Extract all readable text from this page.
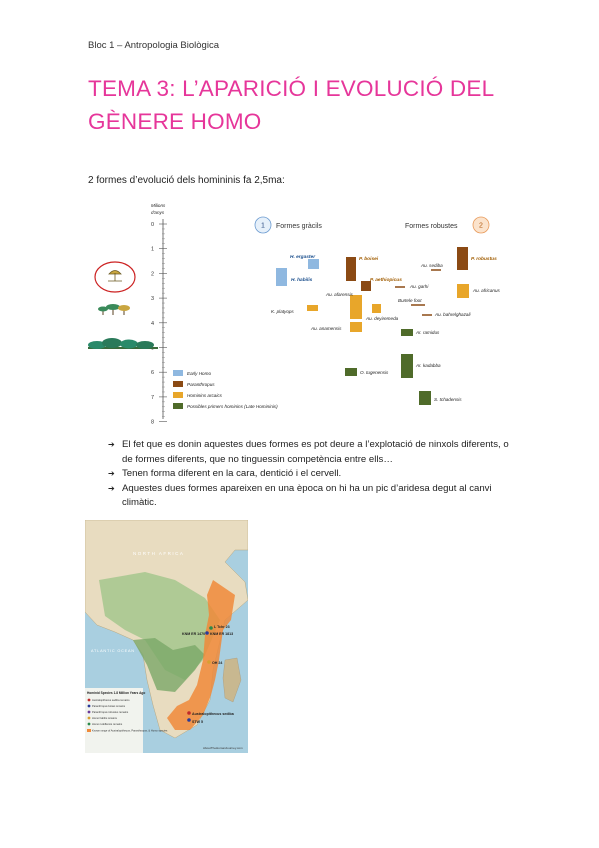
Bloc 1 – Antropologia Biològica
TEMA 3: L’APARICIÓ I EVOLUCIÓ DEL GÈNERE HOMO
2 formes d’evolució dels homininis fa 2,5ma:
Milions
d'anys
0
1
2
3
4
6
7
8
1 Formes gràcils	Formes robustes	2
H. habilis
H. ergaster	P. boisei
P. aethiopicus
P. robustus
Au. sediba
Au. garhi
Au. africanus
Au. afarensis
Au. anamensis
K. platyops
Au. deyiremeda
Burtele foot
Au. bahrelghazali
Ar. ramidus
Ar. kadabba
O. tugenensis
S. tchadensis
Early Homo
Paranthropus
Hominins arcaics
Possibles primers hominins (Late Homininis)
➔ El fet que es donin aquestes dues formes es pot deure a l’explotació de ninxols diferents, o de formes diferents, que no tinguessin competència entre ells…
➔ Tenen forma diferent en la cara, dentició i el cervell.
➔ Aquestes dues formes apareixen en una època on hi ha un pic d’aridesa degut al canvi climàtic.
NORTH AFRICA
ATLANTIC OCEAN
L Tchr 23
KNM ER 1470 KNM ER 1813
OH 24
Australopithecus sediba
STW 5
Hominid Species 1.8 Million Years Ago
Australopithecus sediba remains
Paranthropus boisei remains
Paranthropus robustus remains
Homo habilis remains
Homo rudolfensis remains
Known range of Australopithecus, Paranthropus, & Homo species
AboutTheHumanJourney.com
